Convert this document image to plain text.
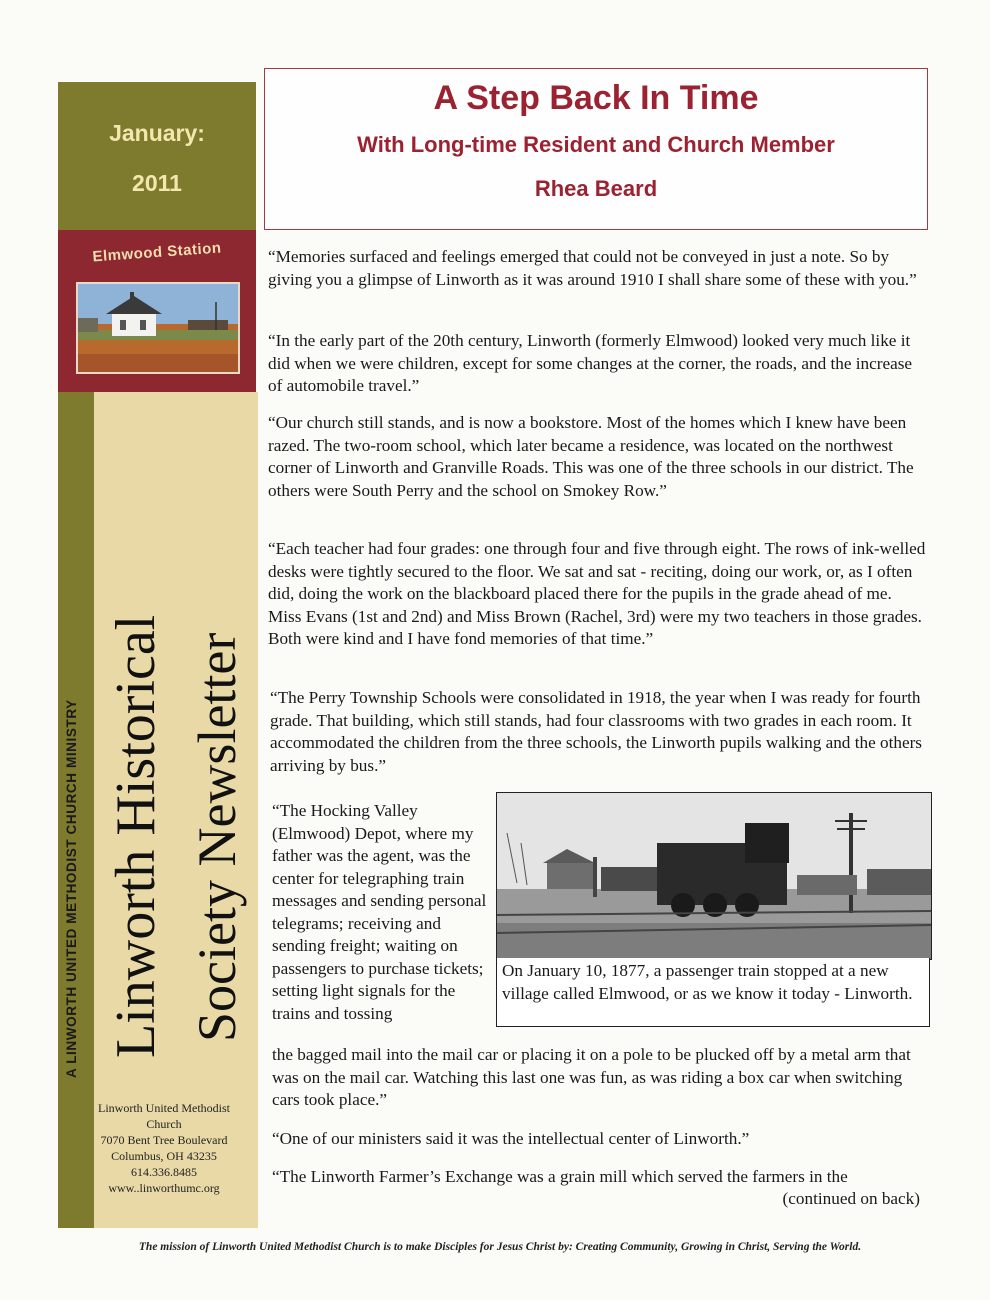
January:
2011
Elmwood Station
A LINWORTH UNITED METHODIST CHURCH MINISTRY Linworth Historical Society Newsletter
Linworth United Methodist
Church
7070 Bent Tree Boulevard
Columbus, OH 43235
614.336.8485
www..linworthumc.org
A Step Back In Time
With Long-time Resident and Church Member
Rhea Beard

“Memories surfaced and feelings emerged that could not be conveyed in just a note. So by giving you a glimpse of Linworth as it was around 1910 I shall share some of these with you.”

“In the early part of the 20th century, Linworth (formerly Elmwood) looked very much like it did when we were children, except for some changes at the corner, the roads, and the increase of automobile travel.”

“Our church still stands, and is now a bookstore. Most of the homes which I knew have been razed. The two-room school, which later became a residence, was located on the northwest corner of Linworth and Granville Roads. This was one of the three schools in our district. The others were South Perry and the school on Smokey Row.”

“Each teacher had four grades: one through four and five through eight. The rows of ink-welled desks were tightly secured to the floor. We sat and sat - reciting, doing our work, or, as I often did, doing the work on the blackboard placed there for the pupils in the grade ahead of me. Miss Evans (1st and 2nd) and Miss Brown (Rachel, 3rd) were my two teachers in those grades. Both were kind and I have fond memories of that time.”

“The Perry Township Schools were consolidated in 1918, the year when I was ready for fourth grade. That building, which still stands, had four classrooms with two grades in each room. It accommodated the children from the three schools, the Linworth pupils walking and the others arriving by bus.”

“The Hocking Valley (Elmwood) Depot, where my father was the agent, was the center for telegraphing train messages and sending personal telegrams; receiving and sending freight; waiting on passengers to purchase tickets; setting light signals for the trains and tossing

On January 10, 1877, a passenger train stopped at a new village called Elmwood, or as we know it today - Linworth.

the bagged mail into the mail car or placing it on a pole to be plucked off by a metal arm that was on the mail car. Watching this last one was fun, as was riding a box car when switching cars took place.”

“One of our ministers said it was the intellectual center of Linworth.”

“The Linworth Farmer’s Exchange was a grain mill which served the farmers in the

(continued on back)
The mission of Linworth United Methodist Church is to make Disciples for Jesus Christ by: Creating Community, Growing in Christ, Serving the World.
